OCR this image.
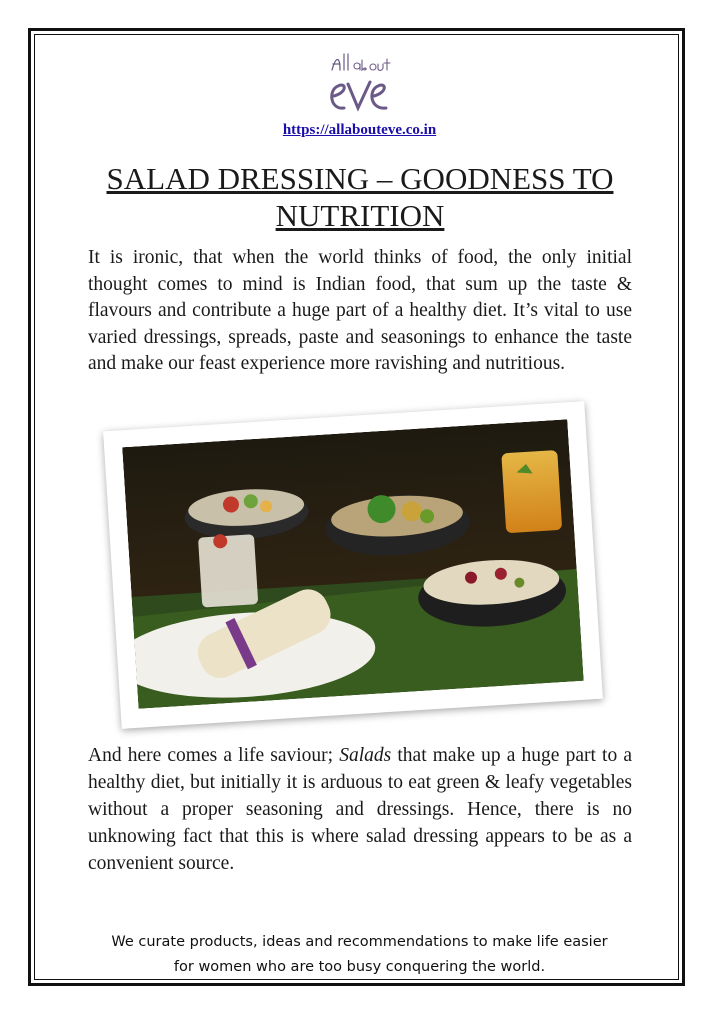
https://allabouteve.co.in
SALAD DRESSING – GOODNESS TO NUTRITION

It is ironic, that when the world thinks of food, the only initial thought comes to mind is Indian food, that sum up the taste & flavours and contribute a huge part of a healthy diet. It’s vital to use varied dressings, spreads, paste and seasonings to enhance the taste and make our feast experience more ravishing and nutritious.

And here comes a life saviour; Salads that make up a huge part to a healthy diet, but initially it is arduous to eat green & leafy vegetables without a proper seasoning and dressings. Hence, there is no unknowing fact that this is where salad dressing appears to be as a convenient source.

We curate products, ideas and recommendations to make life easier
for women who are too busy conquering the world.
